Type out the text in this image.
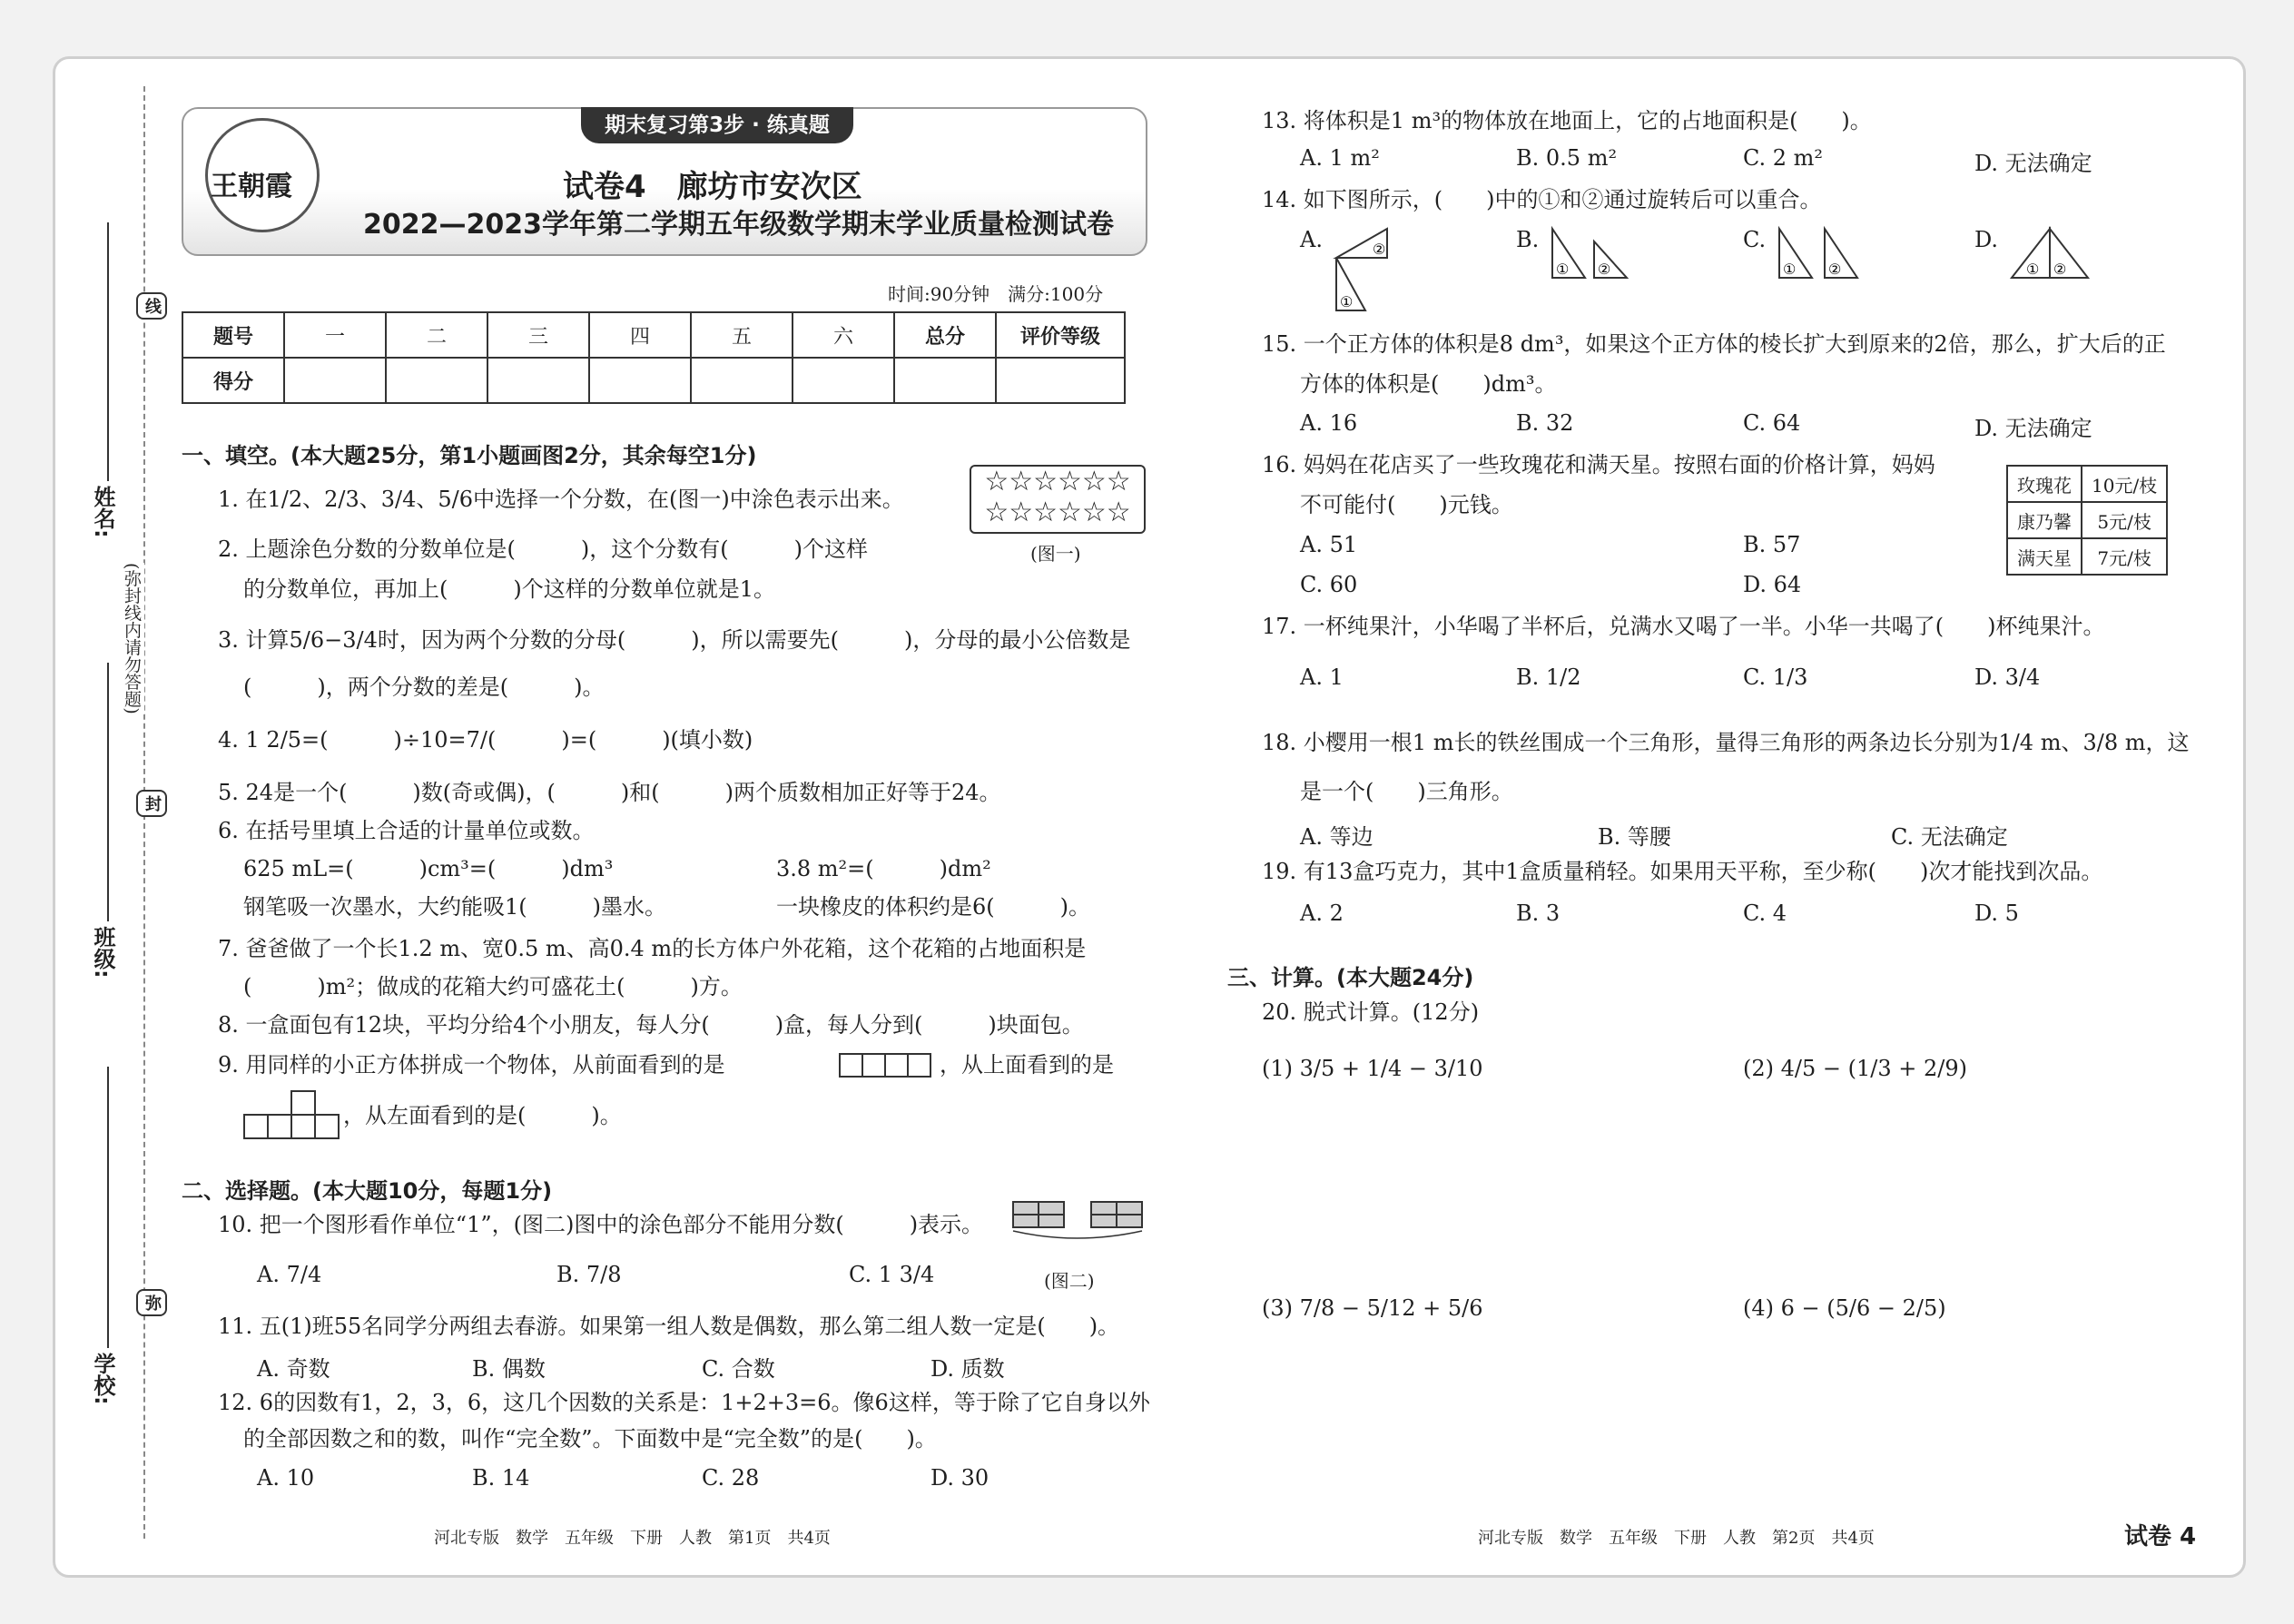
线
封
弥
(弥封线内请勿答题)
姓名:
班级:
学校:
期末复习第3步 · 练真题
王朝霞	试卷4　廊坊市安次区
2022—2023学年第二学期五年级数学期末学业质量检测试卷
时间:90分钟　满分:100分
题号	一	二	三	四	五	六	总分	评价等级
得分								
一、填空。(本大题25分，第1小题画图2分，其余每空1分)
1. 在1/2、2/3、3/4、5/6中选择一个分数，在(图一)中涂色表示出来。
☆☆☆☆☆☆
☆☆☆☆☆☆
(图一)
2. 上题涂色分数的分数单位是(　　　)，这个分数有(　　　)个这样
的分数单位，再加上(　　　)个这样的分数单位就是1。
3. 计算5/6−3/4时，因为两个分数的分母(　　　)，所以需要先(　　　)，分母的最小公倍数是
(　　　)，两个分数的差是(　　　)。
4. 1 2/5=(　　　)÷10=7/(　　　)=(　　　)(填小数)
5. 24是一个(　　　)数(奇或偶)，(　　　)和(　　　)两个质数相加正好等于24。
6. 在括号里填上合适的计量单位或数。
625 mL=(　　　)cm³=(　　　)dm³	3.8 m²=(　　　)dm²
钢笔吸一次墨水，大约能吸1(　　　)墨水。	一块橡皮的体积约是6(　　　)。
7. 爸爸做了一个长1.2 m、宽0.5 m、高0.4 m的长方体户外花箱，这个花箱的占地面积是
(　　　)m²；做成的花箱大约可盛花土(　　　)方。
8. 一盒面包有12块，平均分给4个小朋友，每人分(　　　)盒，每人分到(　　　)块面包。
9. 用同样的小正方体拼成一个物体，从前面看到的是	，从上面看到的是
，从左面看到的是(　　　)。
二、选择题。(本大题10分，每题1分)
10. 把一个图形看作单位“1”，(图二)图中的涂色部分不能用分数(　　　)表示。
(图二)
A. 7/4	B. 7/8	C. 1 3/4
11. 五(1)班55名同学分两组去春游。如果第一组人数是偶数，那么第二组人数一定是(　　)。
A. 奇数	B. 偶数	C. 合数	D. 质数
12. 6的因数有1，2，3，6，这几个因数的关系是：1+2+3=6。像6这样，等于除了它自身以外
的全部因数之和的数，叫作“完全数”。下面数中是“完全数”的是(　　)。
A. 10	B. 14	C. 28	D. 30
13. 将体积是1 m³的物体放在地面上，它的占地面积是(　　)。
A. 1 m²	B. 0.5 m²	C. 2 m²	D. 无法确定
14. 如下图所示，(　　)中的①和②通过旋转后可以重合。
A.	B.	C.	D.
②
①
① ②	① ②	① ②
15. 一个正方体的体积是8 dm³，如果这个正方体的棱长扩大到原来的2倍，那么，扩大后的正
方体的体积是(　　)dm³。
A. 16	B. 32	C. 64	D. 无法确定
16. 妈妈在花店买了一些玫瑰花和满天星。按照右面的价格计算，妈妈
不可能付(　　)元钱。
A. 51	B. 57
C. 60	D. 64
玫瑰花	10元/枝
康乃馨	5元/枝
满天星	7元/枝
17. 一杯纯果汁，小华喝了半杯后，兑满水又喝了一半。小华一共喝了(　　)杯纯果汁。
A. 1	B. 1/2	C. 1/3	D. 3/4
18. 小樱用一根1 m长的铁丝围成一个三角形，量得三角形的两条边长分别为1/4 m、3/8 m，这
是一个(　　)三角形。
A. 等边	B. 等腰	C. 无法确定
19. 有13盒巧克力，其中1盒质量稍轻。如果用天平称，至少称(　　)次才能找到次品。
A. 2	B. 3	C. 4	D. 5
三、计算。(本大题24分)
20. 脱式计算。(12分)
(1) 3/5 + 1/4 − 3/10	(2) 4/5 − (1/3 + 2/9)
(3) 7/8 − 5/12 + 5/6	(4) 6 − (5/6 − 2/5)
河北专版　数学　五年级　下册　人教　第1页　共4页	河北专版　数学　五年级　下册　人教　第2页　共4页	试卷 4
